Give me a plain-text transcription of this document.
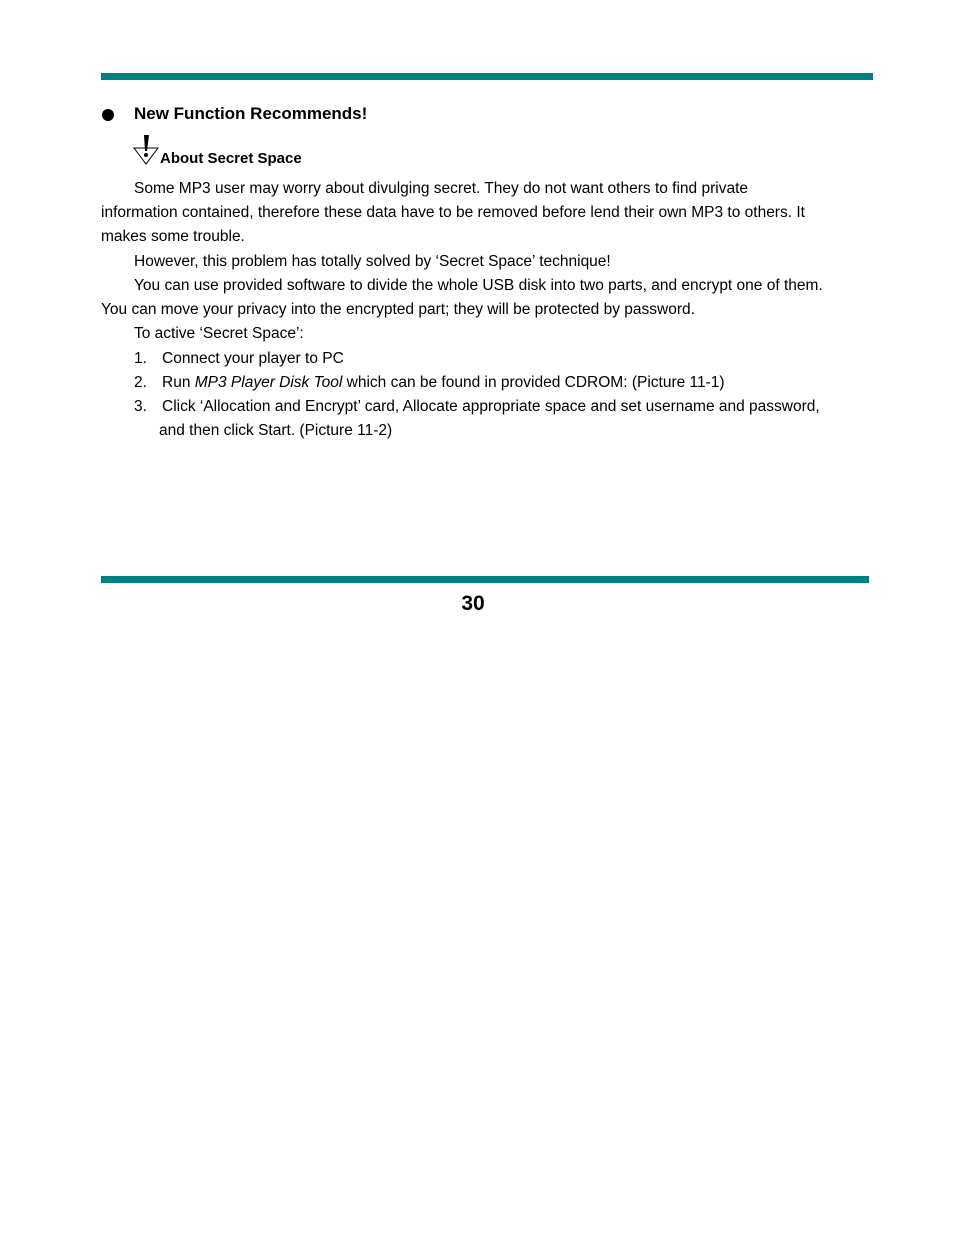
New Function Recommends!
About Secret Space
Some MP3 user may worry about divulging secret. They do not want others to find private
information contained, therefore these data have to be removed before lend their own MP3 to others. It
makes some trouble.
However, this problem has totally solved by ‘Secret Space’ technique!
You can use provided software to divide the whole USB disk into two parts, and encrypt one of them.
You can move your privacy into the encrypted part; they will be protected by password.
To active ‘Secret Space’:
1. Connect your player to PC
2. Run MP3 Player Disk Tool which can be found in provided CDROM: (Picture 11-1)
3. Click ‘Allocation and Encrypt’ card, Allocate appropriate space and set username and password,
and then click Start. (Picture 11-2)
30
